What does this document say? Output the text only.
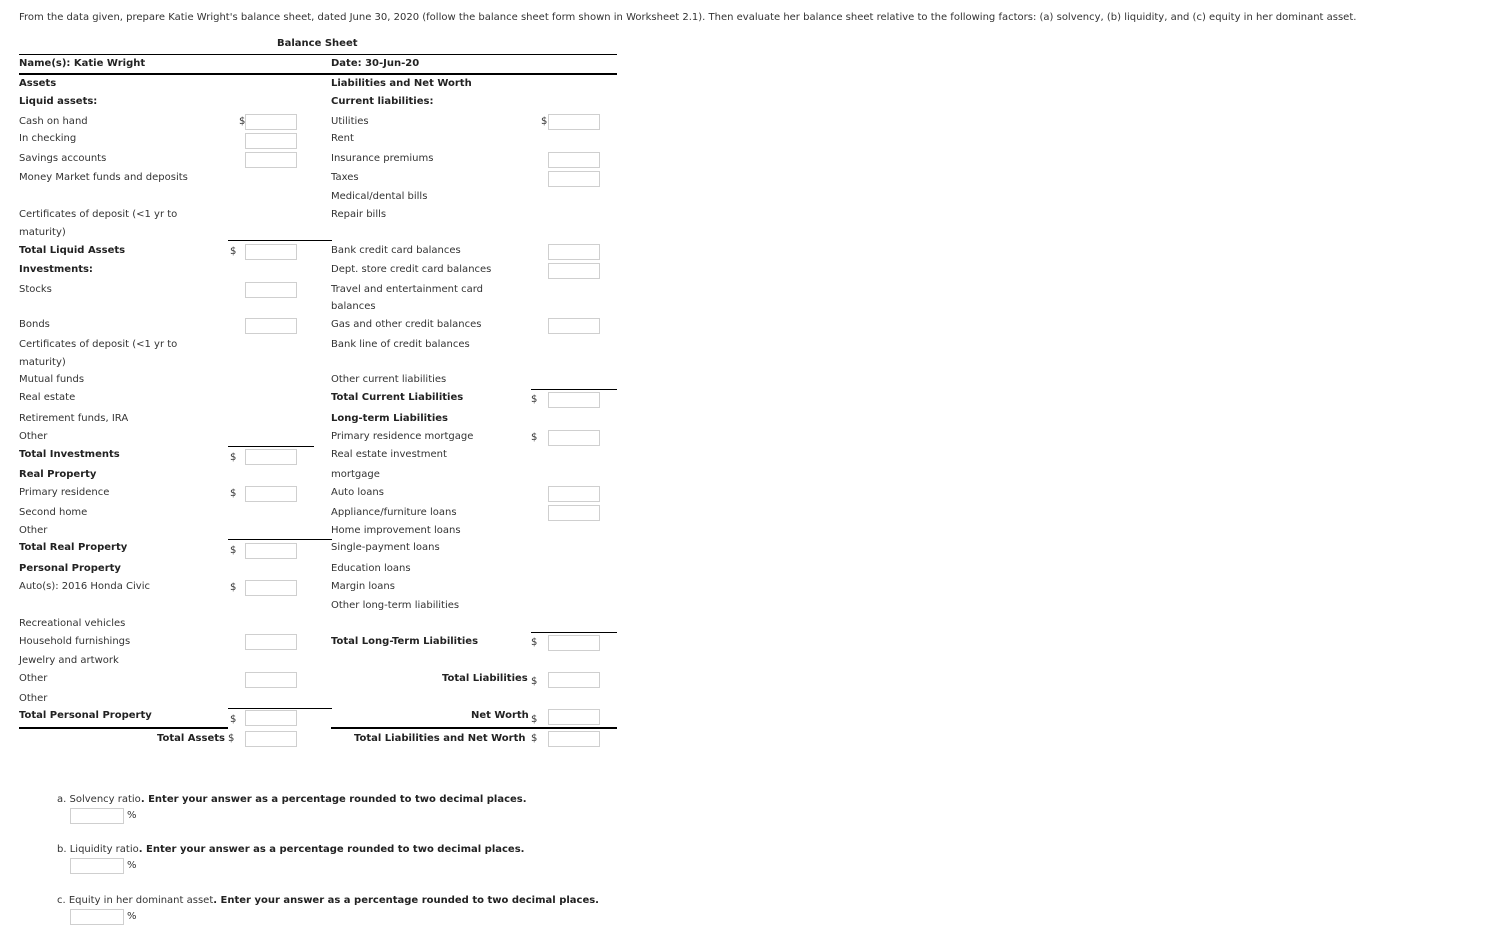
From the data given, prepare Katie Wright's balance sheet, dated June 30, 2020 (follow the balance sheet form shown in Worksheet 2.1). Then evaluate her balance sheet relative to the following factors: (a) solvency, (b) liquidity, and (c) equity in her dominant asset.
Balance Sheet
Name(s): Katie Wright	Date: 30-Jun-20
Assets
Liquid assets:
Cash on hand
In checking
Savings accounts
Money Market funds and deposits
Certificates of deposit (<1 yr to
maturity)
Total Liquid Assets
Investments:
Stocks
Bonds
Certificates of deposit (<1 yr to
maturity)
Mutual funds
Real estate
Retirement funds, IRA
Other
Total Investments
Real Property
Primary residence
Second home
Other
Total Real Property
Personal Property
Auto(s): 2016 Honda Civic
Recreational vehicles
Household furnishings
Jewelry and artwork
Other
Other
Total Personal Property
Total Assets
$
$
$
$
$
$
$
$
Liabilities and Net Worth
Current liabilities:
Utilities
Rent
Insurance premiums
Taxes
Medical/dental bills
Repair bills
Bank credit card balances
Dept. store credit card balances
Travel and entertainment card
balances
Gas and other credit balances
Bank line of credit balances
Other current liabilities
Total Current Liabilities
Long-term Liabilities
Primary residence mortgage
Real estate investment
mortgage
Auto loans
Appliance/furniture loans
Home improvement loans
Single-payment loans
Education loans
Margin loans
Other long-term liabilities
Total Long-Term Liabilities
Total Liabilities
Net Worth
Total Liabilities and Net Worth
$
$
$
$
$
$
$
a. Solvency ratio. Enter your answer as a percentage rounded to two decimal places.
%
b. Liquidity ratio. Enter your answer as a percentage rounded to two decimal places.
%
c. Equity in her dominant asset. Enter your answer as a percentage rounded to two decimal places.
%
